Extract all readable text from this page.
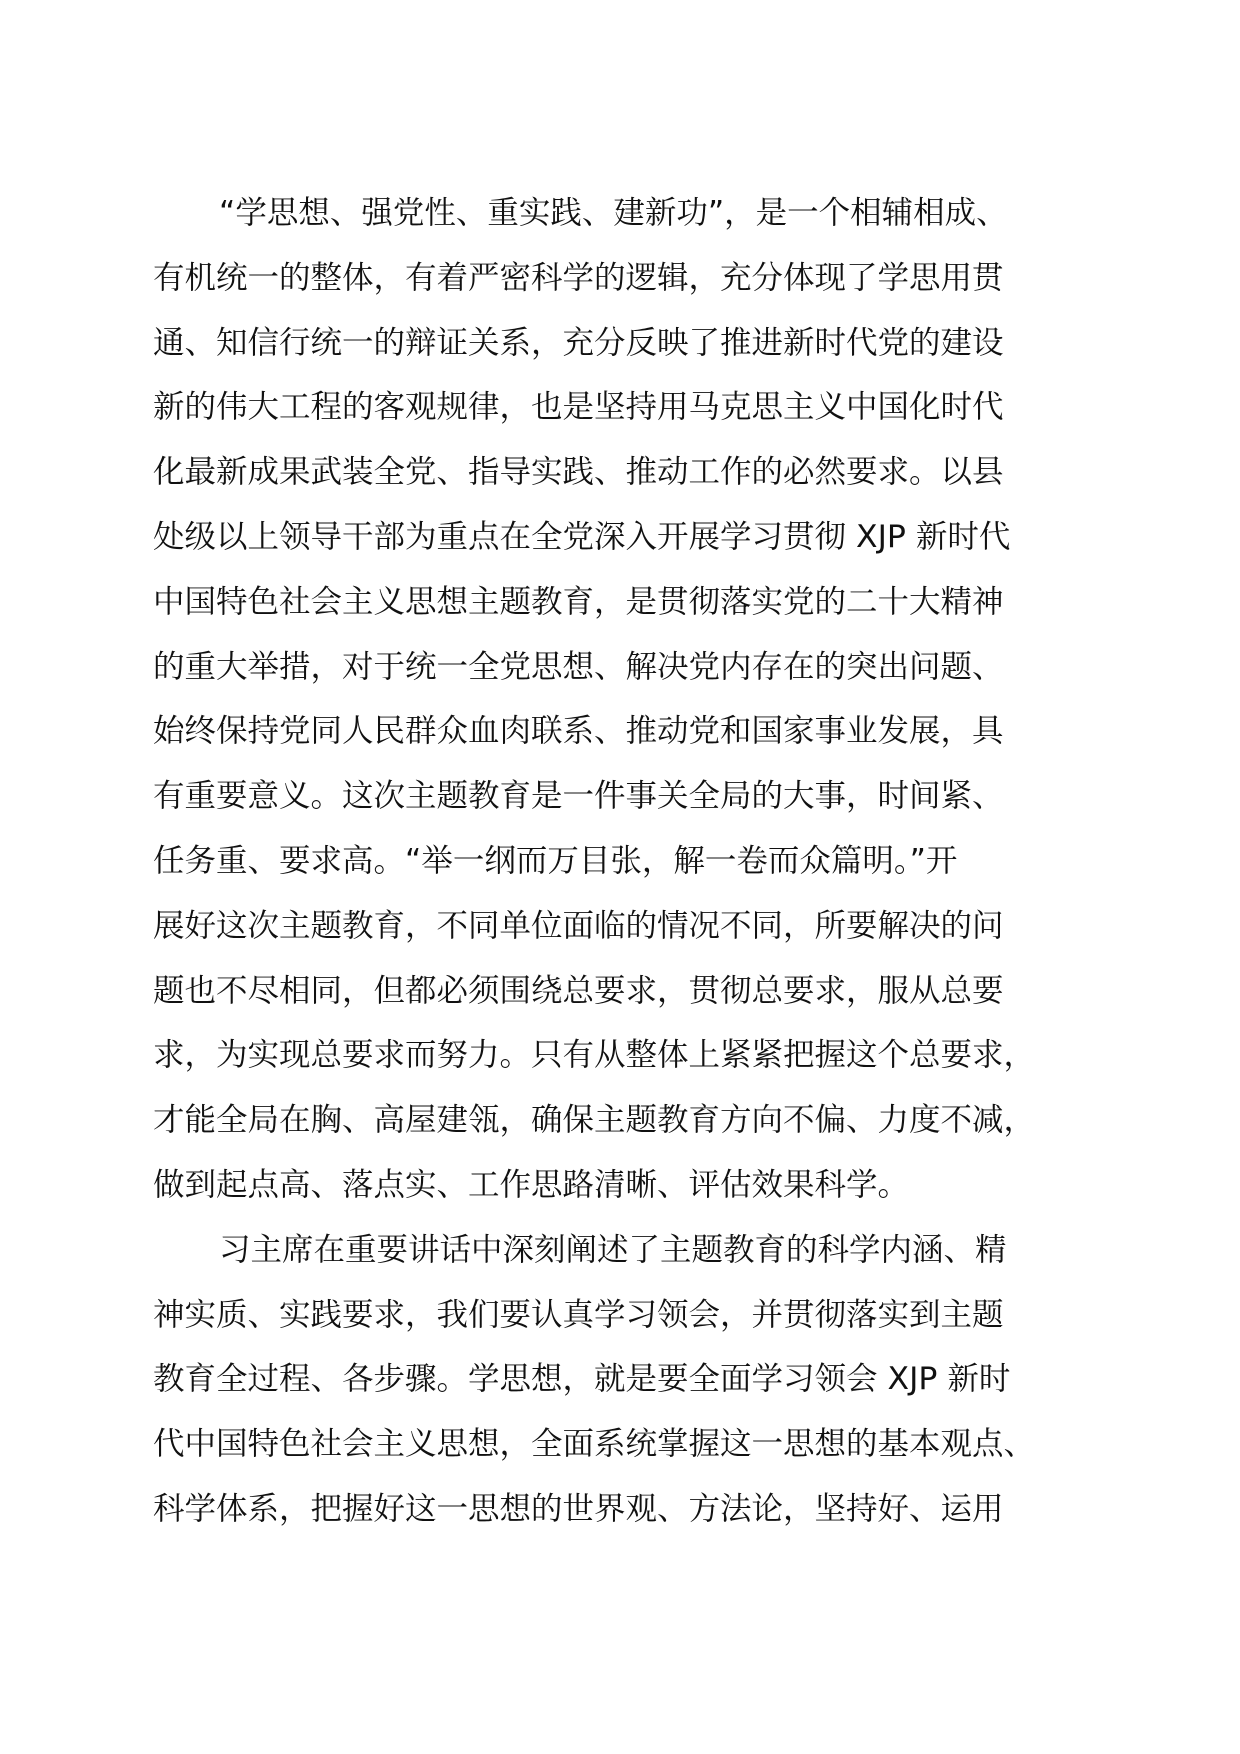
“学思想、强党性、重实践、建新功”，是一个相辅相成、
有机统一的整体，有着严密科学的逻辑，充分体现了学思用贯
通、知信行统一的辩证关系，充分反映了推进新时代党的建设
新的伟大工程的客观规律，也是坚持用马克思主义中国化时代
化最新成果武装全党、指导实践、推动工作的必然要求。以县
处级以上领导干部为重点在全党深入开展学习贯彻 XJP 新时代
中国特色社会主义思想主题教育，是贯彻落实党的二十大精神
的重大举措，对于统一全党思想、解决党内存在的突出问题、
始终保持党同人民群众血肉联系、推动党和国家事业发展，具
有重要意义。这次主题教育是一件事关全局的大事，时间紧、
任务重、要求高。“举一纲而万目张，解一卷而众篇明。”开
展好这次主题教育，不同单位面临的情况不同，所要解决的问
题也不尽相同，但都必须围绕总要求，贯彻总要求，服从总要
求，为实现总要求而努力。只有从整体上紧紧把握这个总要求，
才能全局在胸、高屋建瓴，确保主题教育方向不偏、力度不减，
做到起点高、落点实、工作思路清晰、评估效果科学。
习主席在重要讲话中深刻阐述了主题教育的科学内涵、精
神实质、实践要求，我们要认真学习领会，并贯彻落实到主题
教育全过程、各步骤。学思想，就是要全面学习领会 XJP 新时
代中国特色社会主义思想，全面系统掌握这一思想的基本观点、
科学体系，把握好这一思想的世界观、方法论，坚持好、运用
